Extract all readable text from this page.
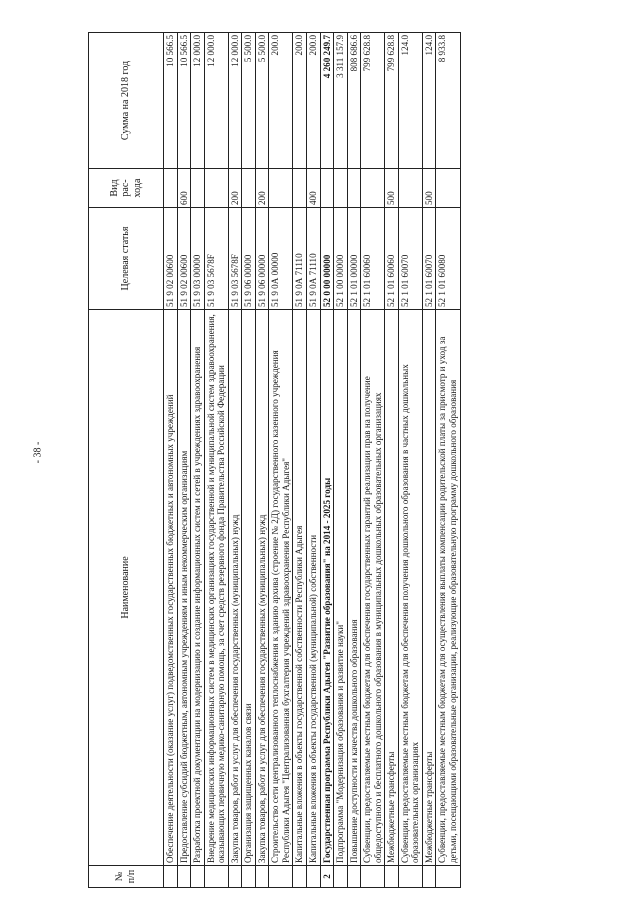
- 38 -
№ п/п	Наименование	Целевая статья	Вид рас-хода	Сумма на 2018 год
	Обеспечение деятельности (оказание услуг) подведомственных государственных бюджетных и автономных учреждений	51 9 02 00600		10 566.5
	Предоставление субсидий бюджетным, автономным учреждениям и иным некоммерческим организациям	51 9 02 00600	600	10 566.5
	Разработка проектной документации на модернизацию и создание информационных систем и сетей в учреждениях здравоохранения	51 9 03 00000		12 000.0
	Внедрение медицинских информационных систем в медицинских организациях государственной и муниципальной систем здравоохранения, оказывающих первичную медико-санитарную помощь, за счет средств резервного фонда Правительства Российской Федерации	51 9 03 5678F		12 000.0
	Закупка товаров, работ и услуг для обеспечения государственных (муниципальных) нужд	51 9 03 5678F	200	12 000.0
	Организация защищенных каналов связи	51 9 06 00000		5 500.0
	Закупка товаров, работ и услуг для обеспечения государственных (муниципальных) нужд	51 9 06 00000	200	5 500.0
	Строительство сети централизованного теплоснабжения к зданию архива (строение № 2Д) государственного казенного учреждения Республики Адыгея "Централизованная бухгалтерия учреждений здравоохранения Республики Адыгея"	51 9 0А 00000		200.0
	Капитальные вложения в объекты государственной собственности Республики Адыгея	51 9 0А 71110		200.0
	Капитальные вложения в объекты государственной (муниципальной) собственности	51 9 0А 71110	400	200.0
2	Государственная программа Республики Адыгея "Развитие образования" на 2014 - 2025 годы	52 0 00 00000		4 260 249.7
	Подпрограмма "Модернизация образования и развитие науки"	52 1 00 00000		3 311 157.9
	Повышение доступности и качества дошкольного образования	52 1 01 00000		808 686.6
	Субвенции, предоставляемые местным бюджетам для обеспечения государственных гарантий реализации прав на получение общедоступного и бесплатного дошкольного образования в муниципальных дошкольных образовательных организациях	52 1 01 60060		799 628.8
	Межбюджетные трансферты	52 1 01 60060	500	799 628.8
	Субвенции, предоставляемые местным бюджетам для обеспечения получения дошкольного образования в частных дошкольных образовательных организациях	52 1 01 60070		124.0
	Межбюджетные трансферты	52 1 01 60070	500	124.0
	Субвенции, предоставляемые местным бюджетам для осуществления выплаты компенсации родительской платы за присмотр и уход за детьми, посещающими образовательные организации, реализующие образовательную программу дошкольного образования	52 1 01 60080		8 933.8
